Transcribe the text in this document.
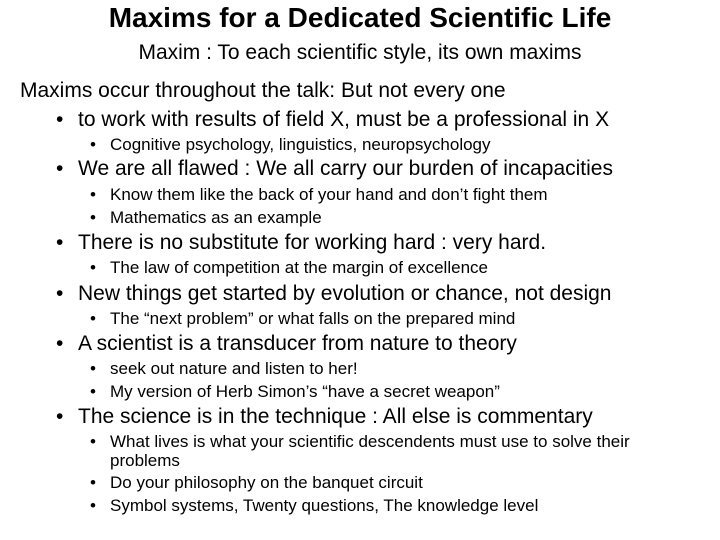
Maxims for a Dedicated Scientific Life
Maxim : To each scientific style, its own maxims
Maxims occur throughout the talk: But not every one
• to work with results of field X, must be a professional in X
• Cognitive psychology, linguistics, neuropsychology
• We are all flawed : We all carry our burden of incapacities
• Know them like the back of your hand and don’t fight them
• Mathematics as an example
• There is no substitute for working hard : very hard.
• The law of competition at the margin of excellence
• New things get started by evolution or chance, not design
• The “next problem” or what falls on the prepared mind
• A scientist is a transducer from nature to theory
• seek out nature and listen to her!
• My version of Herb Simon’s “have a secret weapon”
• The science is in the technique : All else is commentary
• What lives is what your scientific descendents must use to solve their problems
• Do your philosophy on the banquet circuit
• Symbol systems, Twenty questions, The knowledge level
